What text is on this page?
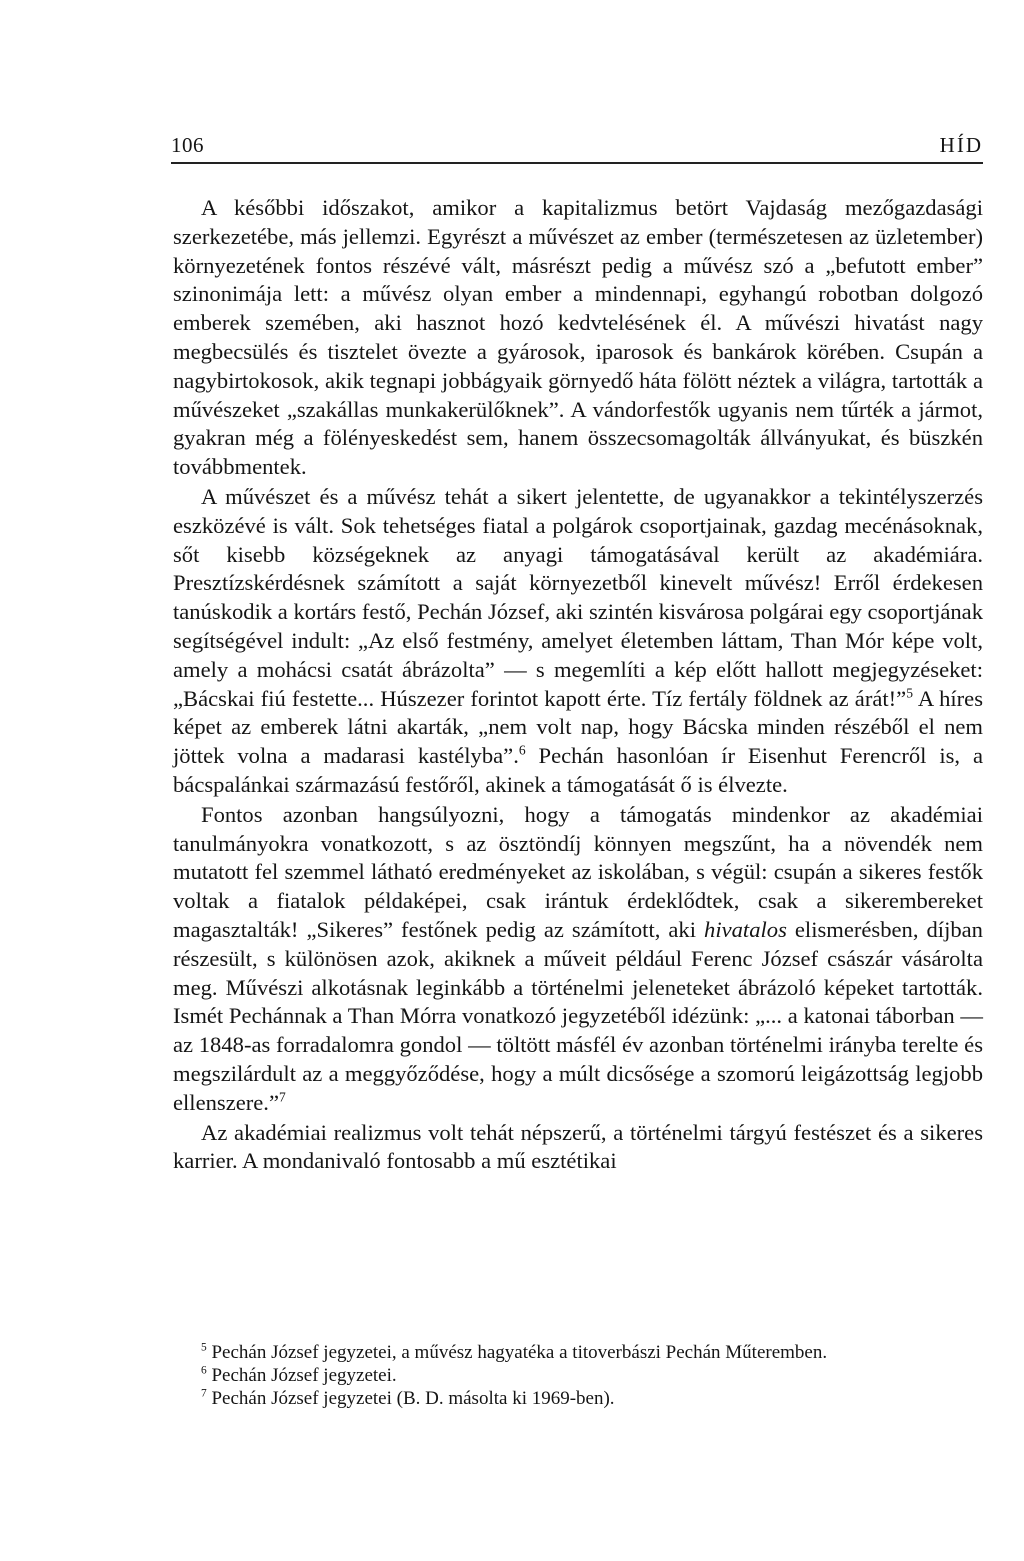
106	HÍD

A későbbi időszakot, amikor a kapitalizmus betört Vajdaság mezőgazdasági szerkezetébe, más jellemzi. Egyrészt a művészet az ember (természetesen az üzletember) környezetének fontos részévé vált, másrészt pedig a művész szó a „befutott ember” szinonimája lett: a művész olyan ember a mindennapi, egyhangú robotban dolgozó emberek szemében, aki hasznot hozó kedvtelésének él. A művészi hivatást nagy megbecsülés és tisztelet övezte a gyárosok, iparosok és bankárok körében. Csupán a nagybirtokosok, akik tegnapi jobbágyaik görnyedő háta fölött néztek a világra, tartották a művészeket „szakállas munkakerülőknek”. A vándorfestők ugyanis nem tűrték a jármot, gyakran még a fölényeskedést sem, hanem összecsomagolták állványukat, és büszkén továbbmentek.

A művészet és a művész tehát a sikert jelentette, de ugyanakkor a tekintélyszerzés eszközévé is vált. Sok tehetséges fiatal a polgárok csoportjainak, gazdag mecénásoknak, sőt kisebb községeknek az anyagi támogatásával került az akadémiára. Presztízskérdésnek számított a saját környezetből kinevelt művész! Erről érdekesen tanúskodik a kortárs festő, Pechán József, aki szintén kisvárosa polgárai egy csoportjának segítségével indult: „Az első festmény, amelyet életemben láttam, Than Mór képe volt, amely a mohácsi csatát ábrázolta” — s megemlíti a kép előtt hallott megjegyzéseket: „Bácskai fiú festette... Húszezer forintot kapott érte. Tíz fertály földnek az árát!”$^5$ A híres képet az emberek látni akarták, „nem volt nap, hogy Bácska minden részéből el nem jöttek volna a madarasi kastélyba”.$^6$ Pechán hasonlóan ír Eisenhut Ferencről is, a bácspalánkai származású festőről, akinek a támogatását ő is élvezte.

Fontos azonban hangsúlyozni, hogy a támogatás mindenkor az akadémiai tanulmányokra vonatkozott, s az ösztöndíj könnyen megszűnt, ha a növendék nem mutatott fel szemmel látható eredményeket az iskolában, s végül: csupán a sikeres festők voltak a fiatalok példaképei, csak irántuk érdeklődtek, csak a sikerembereket magasztalták! „Sikeres” festőnek pedig az számított, aki hivatalos elismerésben, díjban részesült, s különösen azok, akiknek a műveit például Ferenc József császár vásárolta meg. Művészi alkotásnak leginkább a történelmi jeleneteket ábrázoló képeket tartották. Ismét Pechánnak a Than Mórra vonatkozó jegyzetéből idézünk: „... a katonai táborban — az 1848-as forradalomra gondol — töltött másfél év azonban történelmi irányba terelte és megszilárdult az a meggyőződése, hogy a múlt dicsősége a szomorú leigázottság legjobb ellenszere.”$^7$

Az akadémiai realizmus volt tehát népszerű, a történelmi tárgyú festészet és a sikeres karrier. A mondanivaló fontosabb a mű esztétikai

$^5$ Pechán József jegyzetei, a művész hagyatéka a titoverbászi Pechán Műteremben.

$^6$ Pechán József jegyzetei.

$^7$ Pechán József jegyzetei (B. D. másolta ki 1969-ben).
